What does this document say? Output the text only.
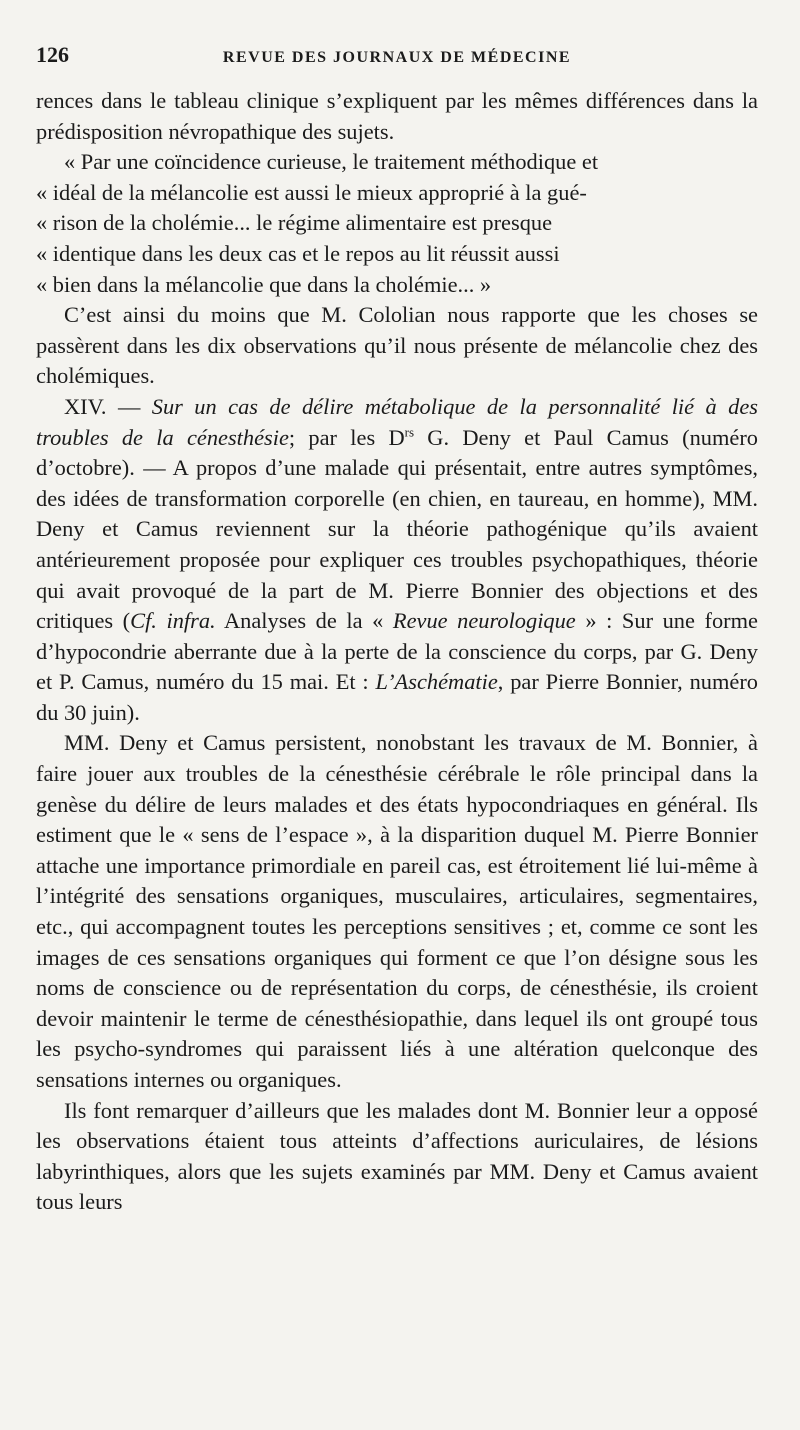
126	REVUE DES JOURNAUX DE MÉDECINE

rences dans le tableau clinique s’expliquent par les mêmes différences dans la prédisposition névropathique des sujets.

« Par une coïncidence curieuse, le traitement méthodique et
« idéal de la mélancolie est aussi le mieux approprié à la gué-
« rison de la cholémie... le régime alimentaire est presque
« identique dans les deux cas et le repos au lit réussit aussi
« bien dans la mélancolie que dans la cholémie... »

C’est ainsi du moins que M. Cololian nous rapporte que les choses se passèrent dans les dix observations qu’il nous présente de mélancolie chez des cholémiques.

XIV. — Sur un cas de délire métabolique de la personnalité lié à des troubles de la cénesthésie; par les $D^{rs}$ G. Deny et Paul Camus (numéro d’octobre). — A propos d’une malade qui présentait, entre autres symptômes, des idées de transformation corporelle (en chien, en taureau, en homme), MM. Deny et Camus reviennent sur la théorie pathogénique qu’ils avaient antérieurement proposée pour expliquer ces troubles psychopathiques, théorie qui avait provoqué de la part de M. Pierre Bonnier des objections et des critiques (Cf. infra. Analyses de la « Revue neurologique » : Sur une forme d’hypocondrie aberrante due à la perte de la conscience du corps, par G. Deny et P. Camus, numéro du 15 mai. Et : L’Aschématie, par Pierre Bonnier, numéro du 30 juin).

MM. Deny et Camus persistent, nonobstant les travaux de M. Bonnier, à faire jouer aux troubles de la cénesthésie cérébrale le rôle principal dans la genèse du délire de leurs malades et des états hypocondriaques en général. Ils estiment que le « sens de l’espace », à la disparition duquel M. Pierre Bonnier attache une importance primordiale en pareil cas, est étroitement lié lui-même à l’intégrité des sensations organiques, musculaires, articulaires, segmentaires, etc., qui accompagnent toutes les perceptions sensitives ; et, comme ce sont les images de ces sensations organiques qui forment ce que l’on désigne sous les noms de conscience ou de représentation du corps, de cénesthésie, ils croient devoir maintenir le terme de cénesthésiopathie, dans lequel ils ont groupé tous les psycho-syndromes qui paraissent liés à une altération quelconque des sensations internes ou organiques.

Ils font remarquer d’ailleurs que les malades dont M. Bonnier leur a opposé les observations étaient tous atteints d’affections auriculaires, de lésions labyrinthiques, alors que les sujets examinés par MM. Deny et Camus avaient tous leurs
